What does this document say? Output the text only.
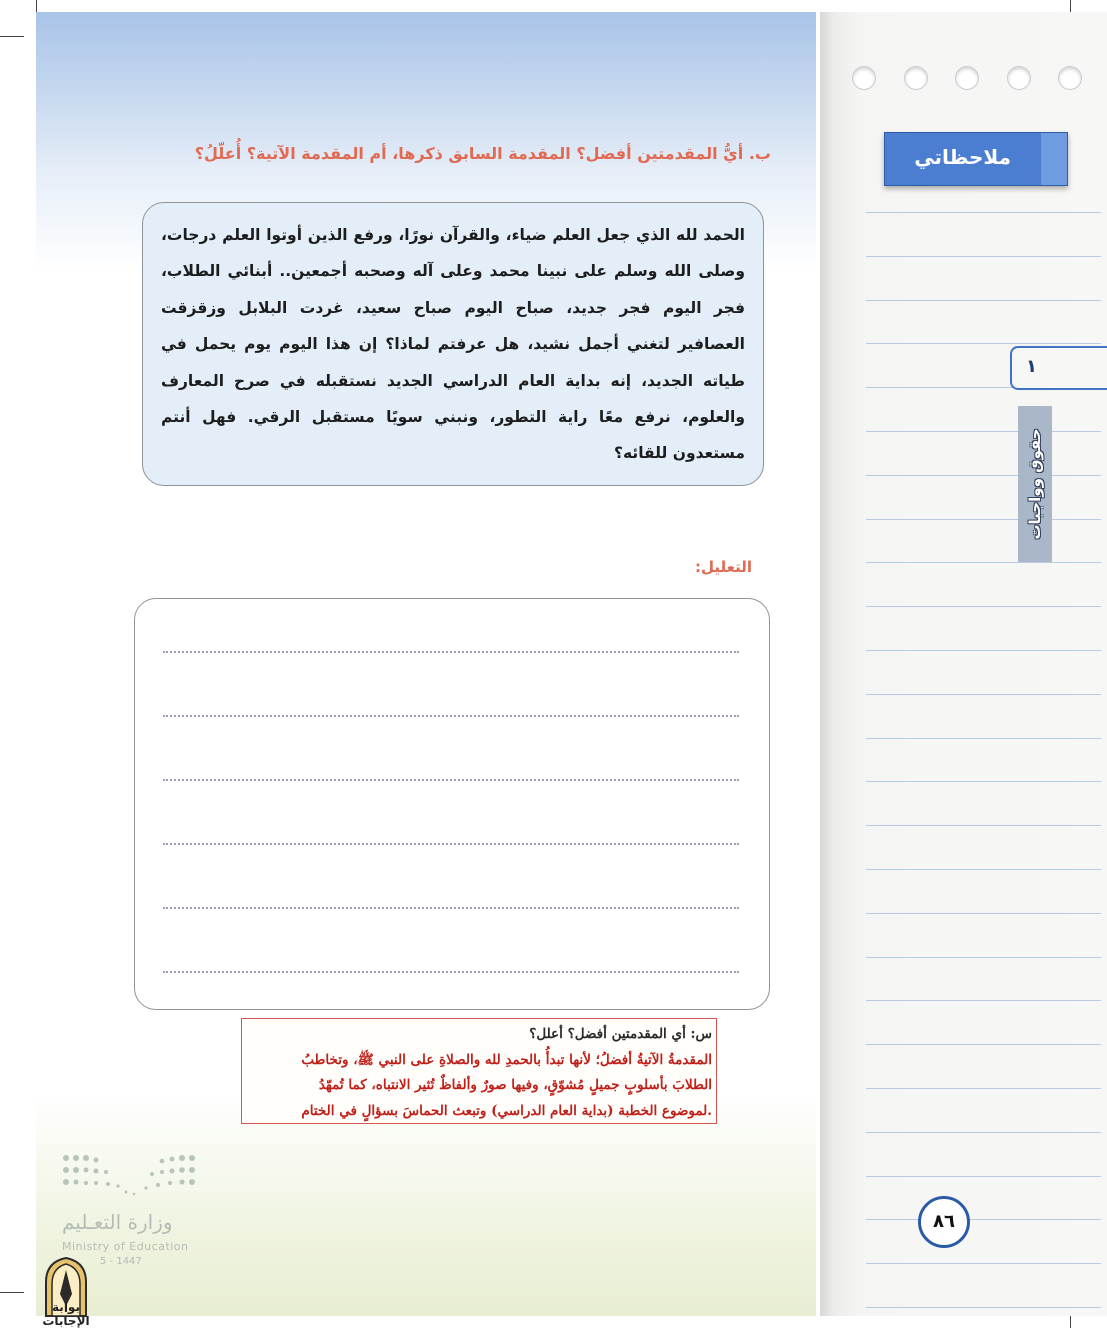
ب. أيُّ المقدمتين أفضل؟ المقدمة السابق ذكرها، أم المقدمة الآتية؟ أُعلّلُ؟

الحمد لله الذي جعل العلم ضياء، والقرآن نورًا، ورفع الذين أوتوا العلم درجات، وصلى الله وسلم على نبينا محمد وعلى آله وصحبه أجمعين.. أبنائي الطلاب، فجر اليوم فجر جديد، صباح اليوم صباح سعيد، غردت البلابل وزقزقت العصافير لتغني أجمل نشيد، هل عرفتم لماذا؟ إن هذا اليوم يوم يحمل في طياته الجديد، إنه بداية العام الدراسي الجديد نستقبله في صرح المعارف والعلوم، نرفع معًا راية التطور، ونبني سويًا مستقبل الرقي. فهل أنتم مستعدون للقائه؟

التعليل:

س: أي المقدمتين أفضل؟ أعلل؟

المقدمةُ الآتيةُ أفضلُ؛ لأنها تبدأُ بالحمدِ لله والصلاةِ على النبي ﷺ، وتخاطبُ

الطلابَ بأسلوبٍ جميلٍ مُشوّقٍ، وفيها صورٌ وألفاظٌ تُثير الانتباه، كما تُمهّدُ

لموضوع الخطبة (بداية العام الدراسي) وتبعث الحماسَ بسؤالٍ في الختام.

وزارة التعـليم
Ministry of Education
5 - 1447
بوابة الإجابات
ملاحظاتي
١
حقوق وواجبات
٨٦
